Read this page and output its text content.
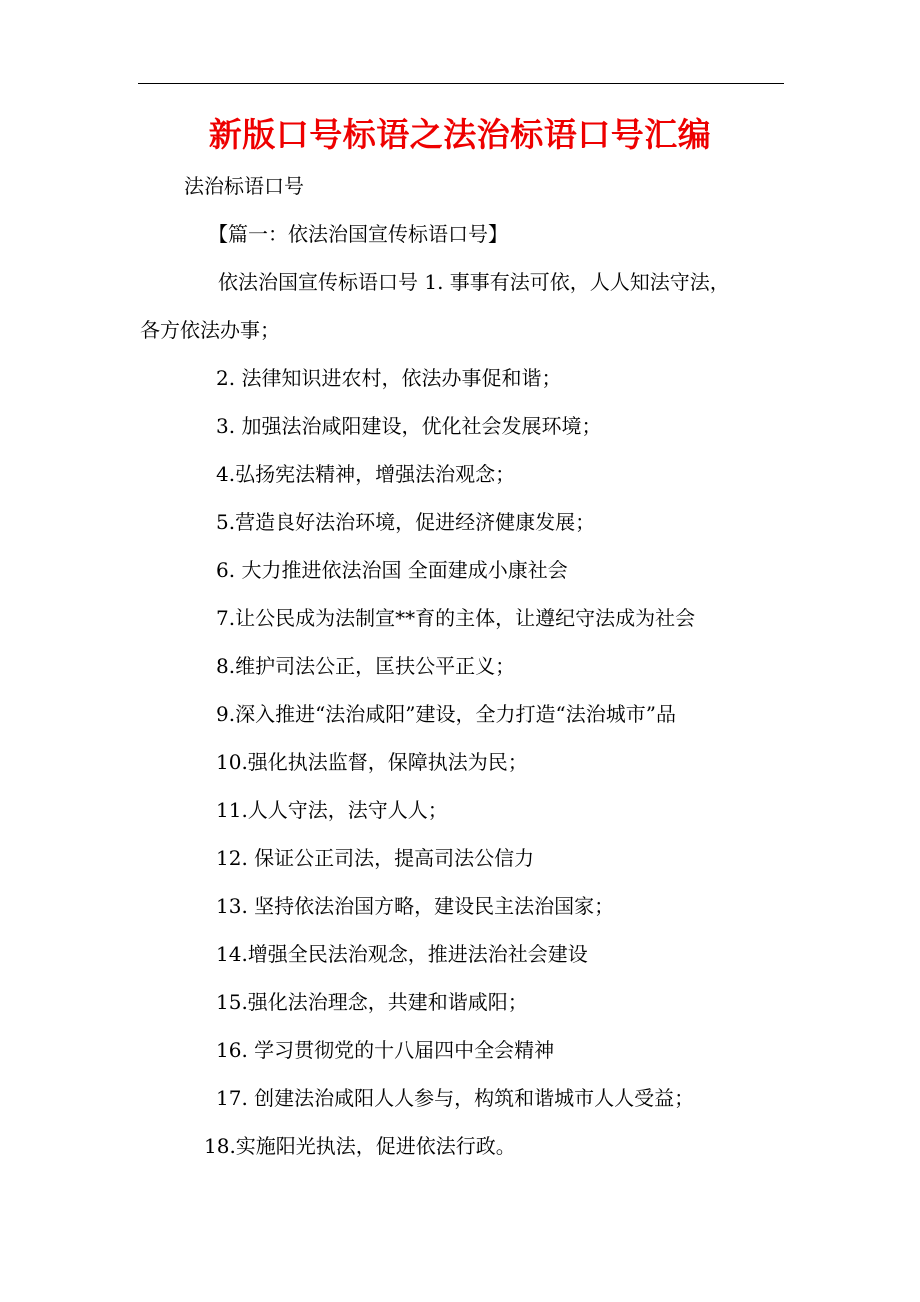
新版口号标语之法治标语口号汇编
法治标语口号
【篇一：依法治国宣传标语口号】
依法治国宣传标语口号 1. 事事有法可依，人人知法守法，
各方依法办事；
2. 法律知识进农村，依法办事促和谐；
3. 加强法治咸阳建设，优化社会发展环境；
4.弘扬宪法精神，增强法治观念；
5.营造良好法治环境，促进经济健康发展；
6. 大力推进依法治国 全面建成小康社会
7.让公民成为法制宣**育的主体，让遵纪守法成为社会
8.维护司法公正，匡扶公平正义；
9.深入推进“法治咸阳”建设，全力打造“法治城市”品
10.强化执法监督，保障执法为民；
11.人人守法，法守人人；
12. 保证公正司法，提高司法公信力
13. 坚持依法治国方略，建设民主法治国家；
14.增强全民法治观念，推进法治社会建设
15.强化法治理念，共建和谐咸阳；
16. 学习贯彻党的十八届四中全会精神
17. 创建法治咸阳人人参与，构筑和谐城市人人受益；
18.实施阳光执法，促进依法行政。
